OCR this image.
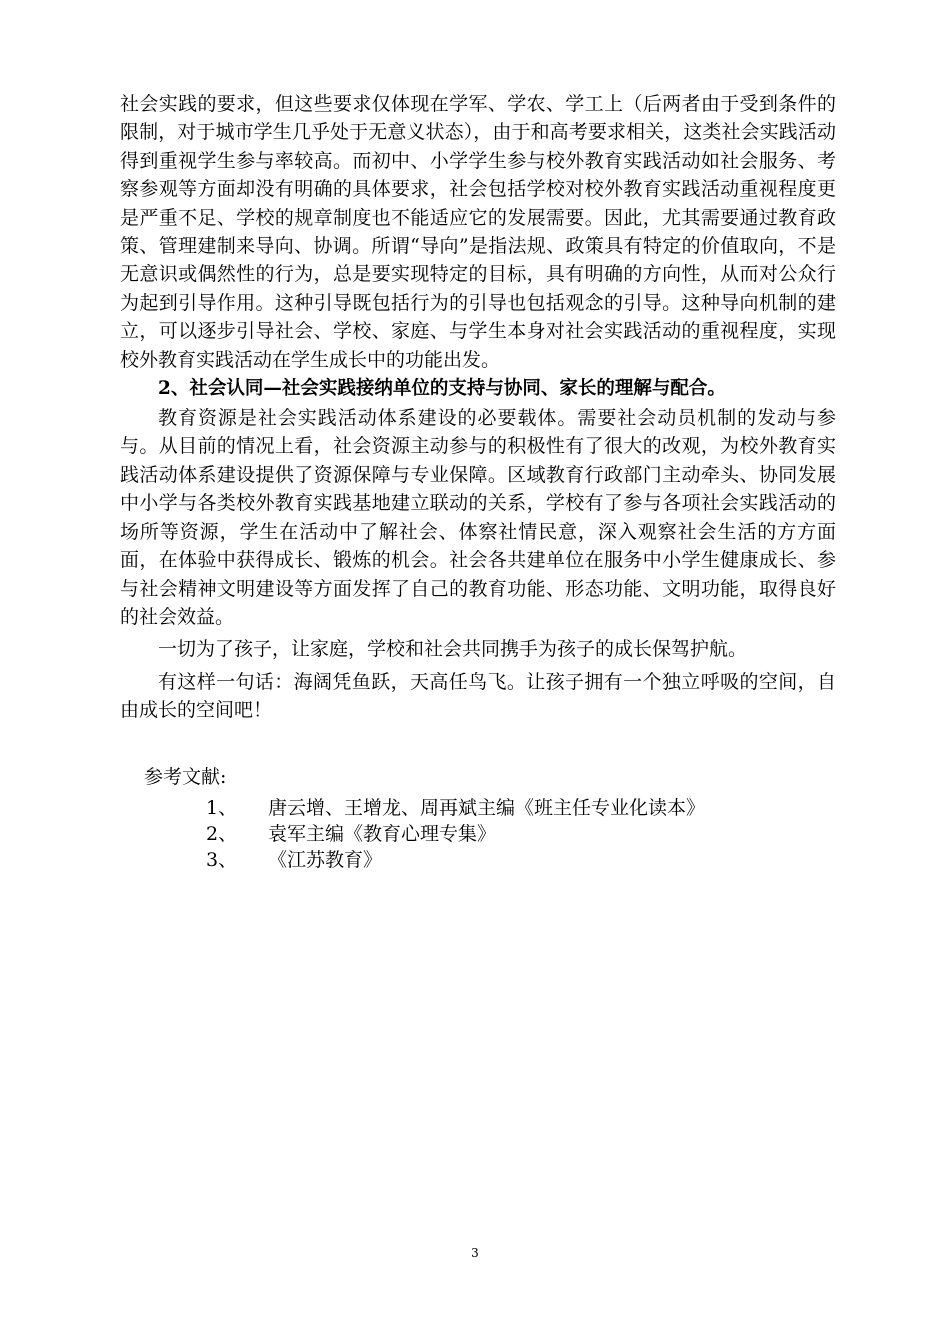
社会实践的要求，但这些要求仅体现在学军、学农、学工上（后两者由于受到条件的限制，对于城市学生几乎处于无意义状态），由于和高考要求相关，这类社会实践活动得到重视学生参与率较高。而初中、小学学生参与校外教育实践活动如社会服务、考察参观等方面却没有明确的具体要求，社会包括学校对校外教育实践活动重视程度更是严重不足、学校的规章制度也不能适应它的发展需要。因此，尤其需要通过教育政策、管理建制来导向、协调。所谓“导向”是指法规、政策具有特定的价值取向，不是无意识或偶然性的行为，总是要实现特定的目标，具有明确的方向性，从而对公众行为起到引导作用。这种引导既包括行为的引导也包括观念的引导。这种导向机制的建立，可以逐步引导社会、学校、家庭、与学生本身对社会实践活动的重视程度，实现校外教育实践活动在学生成长中的功能出发。

2、社会认同—社会实践接纳单位的支持与协同、家长的理解与配合。

教育资源是社会实践活动体系建设的必要载体。需要社会动员机制的发动与参与。从目前的情况上看，社会资源主动参与的积极性有了很大的改观，为校外教育实践活动体系建设提供了资源保障与专业保障。区域教育行政部门主动牵头、协同发展中小学与各类校外教育实践基地建立联动的关系，学校有了参与各项社会实践活动的场所等资源，学生在活动中了解社会、体察社情民意，深入观察社会生活的方方面面，在体验中获得成长、锻炼的机会。社会各共建单位在服务中小学生健康成长、参与社会精神文明建设等方面发挥了自己的教育功能、形态功能、文明功能，取得良好的社会效益。

一切为了孩子，让家庭，学校和社会共同携手为孩子的成长保驾护航。

有这样一句话：海阔凭鱼跃，天高任鸟飞。让孩子拥有一个独立呼吸的空间，自由成长的空间吧！

参考文献:

1、	唐云增、王增龙、周再斌主编《班主任专业化读本》
2、	袁军主编《教育心理专集》
3、	《江苏教育》
3
